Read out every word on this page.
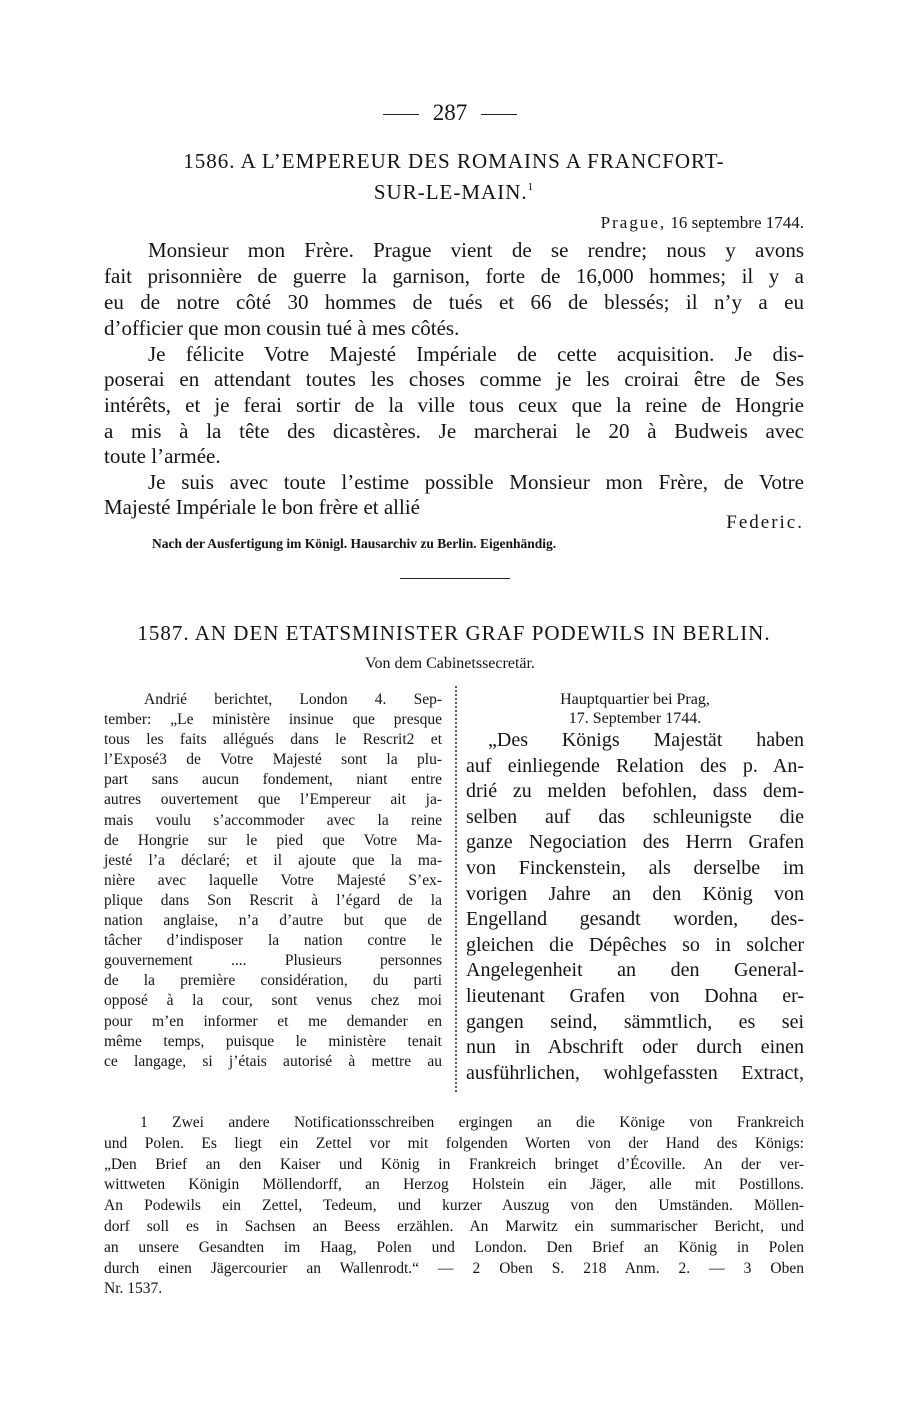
287
1586. A L’EMPEREUR DES ROMAINS A FRANCFORT-
SUR-LE-MAIN.$^1$
Prague, 16 septembre 1744.
Monsieur mon Frère. Prague vient de se rendre; nous y avons
fait prisonnière de guerre la garnison, forte de 16,000 hommes; il y a
eu de notre côté 30 hommes de tués et 66 de blessés; il n’y a eu
d’officier que mon cousin tué à mes côtés.
Je félicite Votre Majesté Impériale de cette acquisition. Je dis-
poserai en attendant toutes les choses comme je les croirai être de Ses
intérêts, et je ferai sortir de la ville tous ceux que la reine de Hongrie
a mis à la tête des dicastères. Je marcherai le 20 à Budweis avec
toute l’armée.
Je suis avec toute l’estime possible Monsieur mon Frère, de Votre
Majesté Impériale le bon frère et allié
Federic.
Nach der Ausfertigung im Königl. Hausarchiv zu Berlin. Eigenhändig.
1587. AN DEN ETATSMINISTER GRAF PODEWILS IN BERLIN.
Von dem Cabinetssecretär.
Andrié berichtet, London 4. Sep-
tember: „Le ministère insinue que presque
tous les faits allégués dans le Rescrit2 et
l’Exposé3 de Votre Majesté sont la plu-
part sans aucun fondement, niant entre
autres ouvertement que l’Empereur ait ja-
mais voulu s’accommoder avec la reine
de Hongrie sur le pied que Votre Ma-
jesté l’a déclaré; et il ajoute que la ma-
nière avec laquelle Votre Majesté S’ex-
plique dans Son Rescrit à l’égard de la
nation anglaise, n’a d’autre but que de
tâcher d’indisposer la nation contre le
gouvernement .... Plusieurs personnes
de la première considération, du parti
opposé à la cour, sont venus chez moi
pour m’en informer et me demander en
même temps, puisque le ministère tenait
ce langage, si j’étais autorisé à mettre au
Hauptquartier bei Prag,
17. September 1744.
„Des Königs Majestät haben
auf einliegende Relation des p. An-
drié zu melden befohlen, dass dem-
selben auf das schleunigste die
ganze Negociation des Herrn Grafen
von Finckenstein, als derselbe im
vorigen Jahre an den König von
Engelland gesandt worden, des-
gleichen die Dépêches so in solcher
Angelegenheit an den General-
lieutenant Grafen von Dohna er-
gangen seind, sämmtlich, es sei
nun in Abschrift oder durch einen
ausführlichen, wohlgefassten Extract,
1 Zwei andere Notificationsschreiben ergingen an die Könige von Frankreich
und Polen. Es liegt ein Zettel vor mit folgenden Worten von der Hand des Königs:
„Den Brief an den Kaiser und König in Frankreich bringet d’Écoville. An der ver-
wittweten Königin Möllendorff, an Herzog Holstein ein Jäger, alle mit Postillons.
An Podewils ein Zettel, Tedeum, und kurzer Auszug von den Umständen. Möllen-
dorf soll es in Sachsen an Beess erzählen. An Marwitz ein summarischer Bericht, und
an unsere Gesandten im Haag, Polen und London. Den Brief an König in Polen
durch einen Jägercourier an Wallenrodt.“ — 2 Oben S. 218 Anm. 2. — 3 Oben
Nr. 1537.
